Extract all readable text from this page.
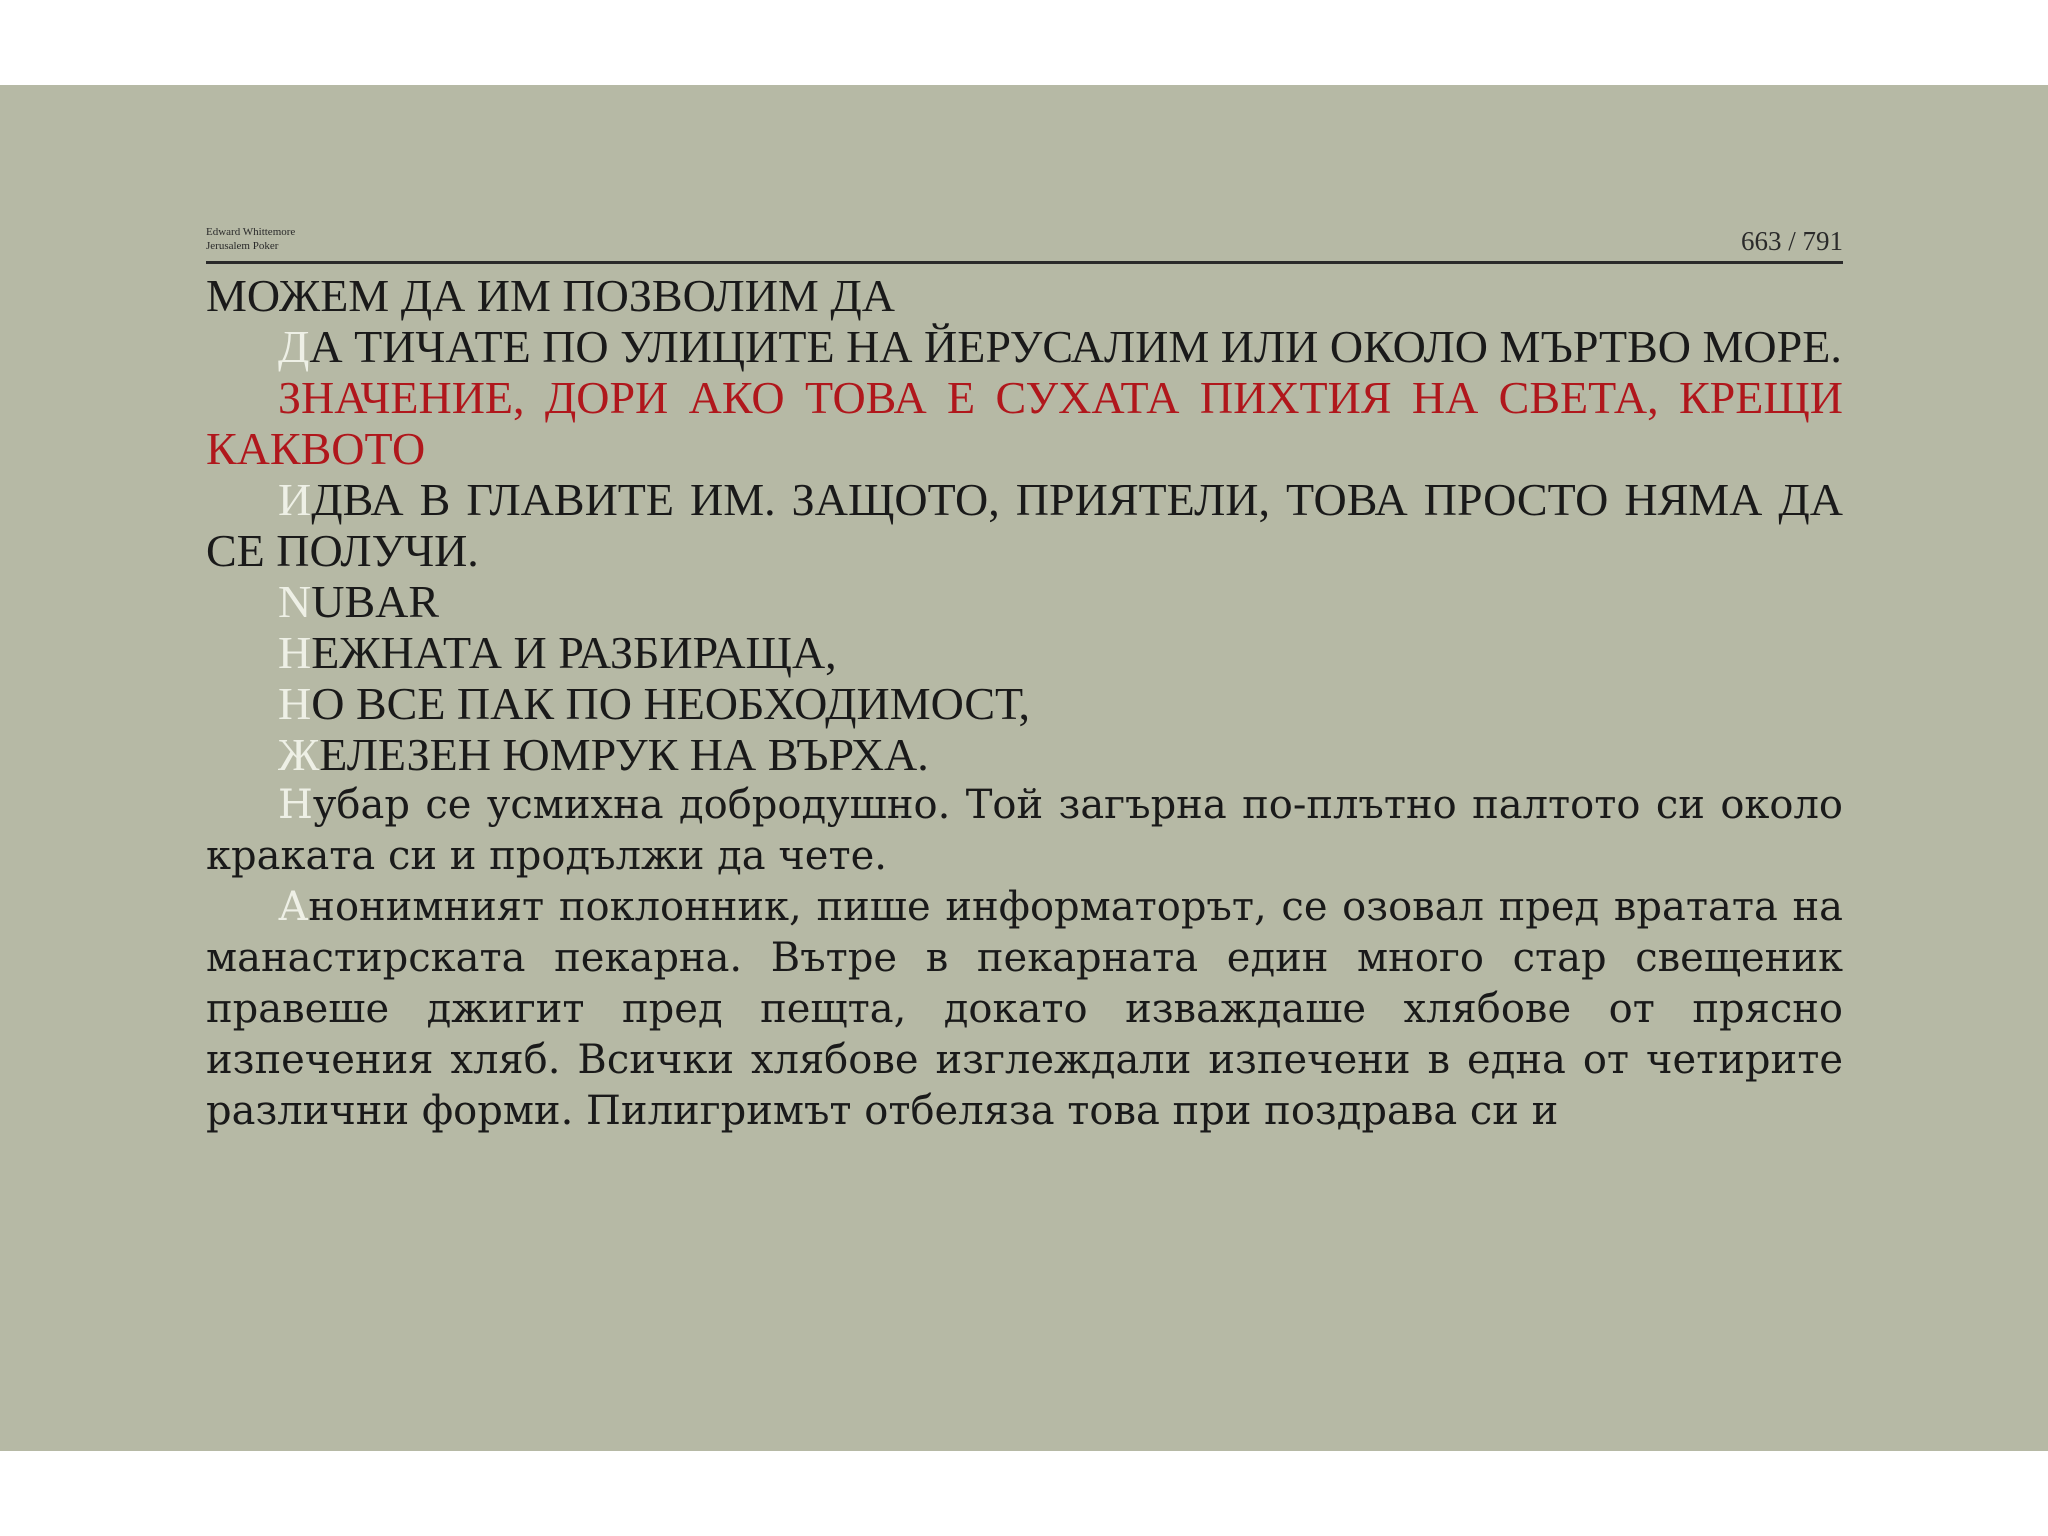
Edward Whittemore
Jerusalem Poker	663 / 791

МОЖЕМ ДА ИМ ПОЗВОЛИМ ДА

ДА ТИЧАТЕ ПО УЛИЦИТЕ НА ЙЕРУСАЛИМ ИЛИ ОКОЛО МЪРТВО МОРЕ.

ЗНАЧЕНИЕ, ДОРИ АКО ТОВА Е СУХАТА ПИХТИЯ НА СВЕТА, КРЕЩИ КАКВОТО

ИДВА В ГЛАВИТЕ ИМ. ЗАЩОТО, ПРИЯТЕЛИ, ТОВА ПРОСТО НЯМА ДА СЕ ПОЛУЧИ.

NUBAR

НЕЖНАТА И РАЗБИРАЩА,

НО ВСЕ ПАК ПО НЕОБХОДИМОСТ,

ЖЕЛЕЗЕН ЮМРУК НА ВЪРХА.

Нубар се усмихна добродушно. Той загърна по-плътно палтото си около краката си и продължи да чете.

Анонимният поклонник, пише информаторът, се озовал пред вратата на манастирската пекарна. Вътре в пекарната един много стар свещеник правеше джигит пред пещта, докато изваждаше хлябове от прясно изпечения хляб. Всички хлябове изглеждали изпечени в една от четирите различни форми. Пилигримът отбеляза това при поздрава си и
